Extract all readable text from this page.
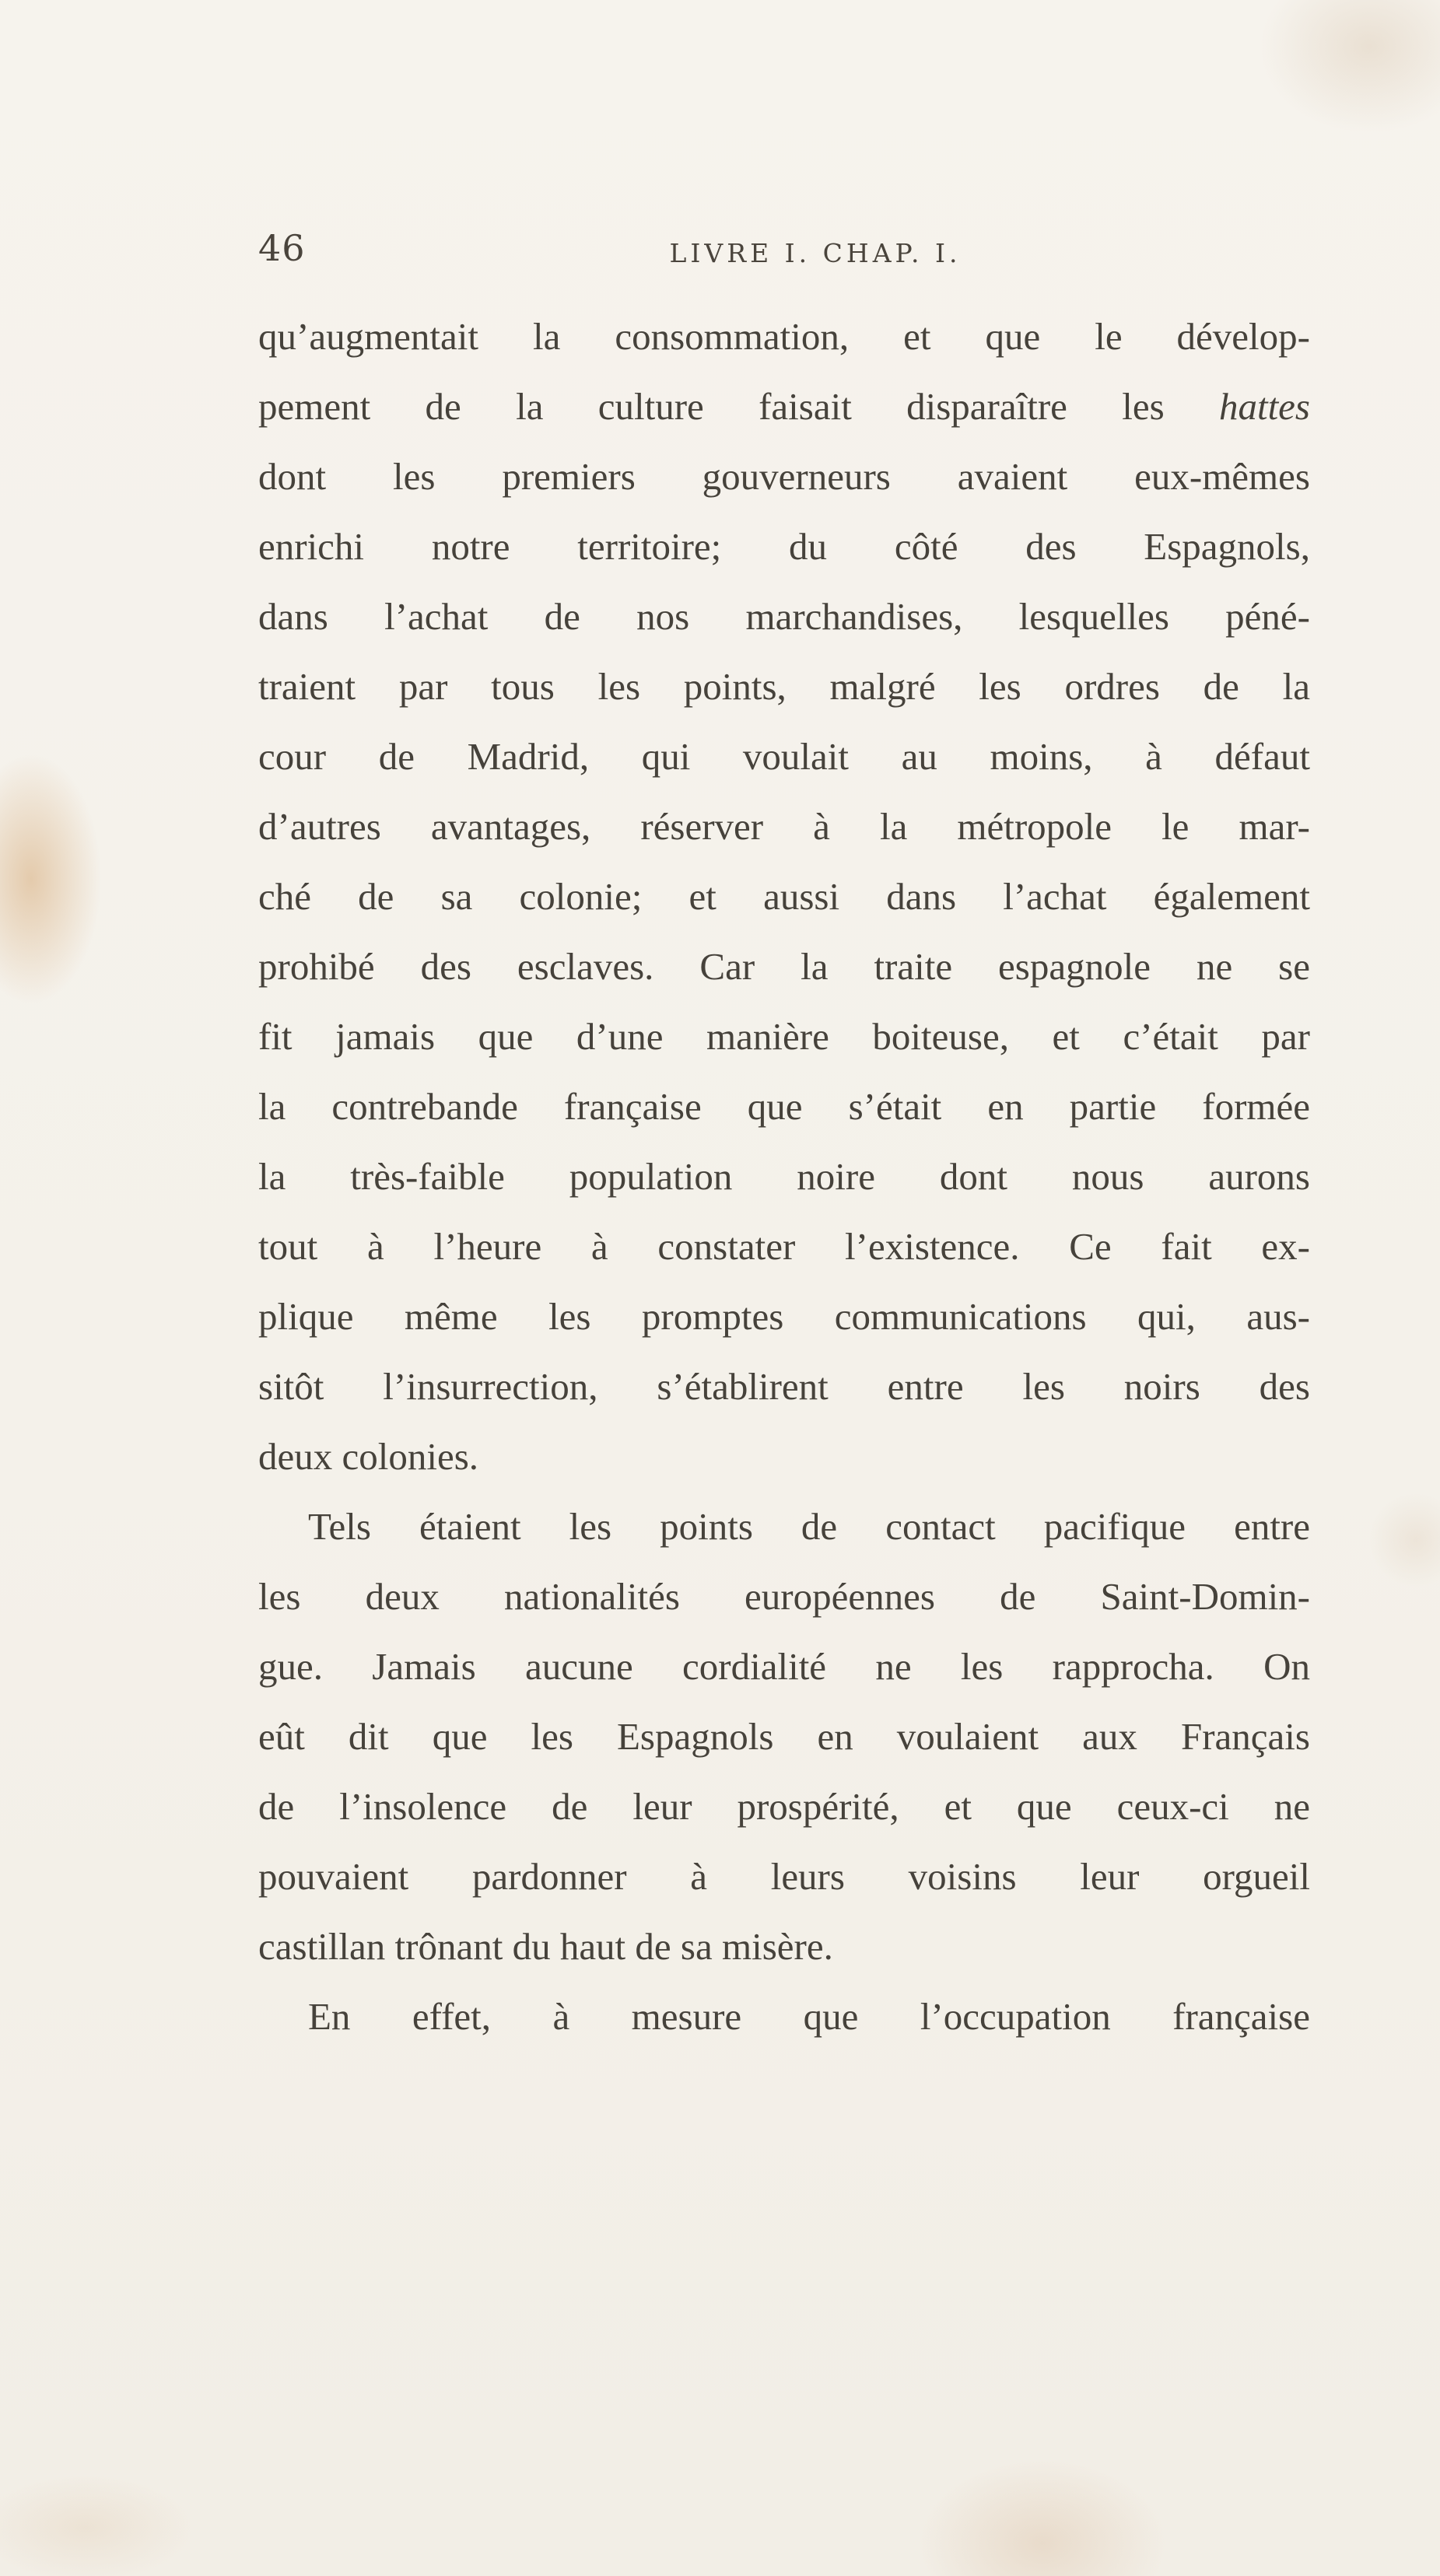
46	LIVRE I. CHAP. I.
qu’augmentait la consommation, et que le dévelop-
pement de la culture faisait disparaître les hattes
dont les premiers gouverneurs avaient eux-mêmes
enrichi notre territoire; du côté des Espagnols,
dans l’achat de nos marchandises, lesquelles péné-
traient par tous les points, malgré les ordres de la
cour de Madrid, qui voulait au moins, à défaut
d’autres avantages, réserver à la métropole le mar-
ché de sa colonie; et aussi dans l’achat également
prohibé des esclaves. Car la traite espagnole ne se
fit jamais que d’une manière boiteuse, et c’était par
la contrebande française que s’était en partie formée
la très-faible population noire dont nous aurons
tout à l’heure à constater l’existence. Ce fait ex-
plique même les promptes communications qui, aus-
sitôt l’insurrection, s’établirent entre les noirs des
deux colonies.
Tels étaient les points de contact pacifique entre
les deux nationalités européennes de Saint-Domin-
gue. Jamais aucune cordialité ne les rapprocha. On
eût dit que les Espagnols en voulaient aux Français
de l’insolence de leur prospérité, et que ceux-ci ne
pouvaient pardonner à leurs voisins leur orgueil
castillan trônant du haut de sa misère.
En effet, à mesure que l’occupation française
